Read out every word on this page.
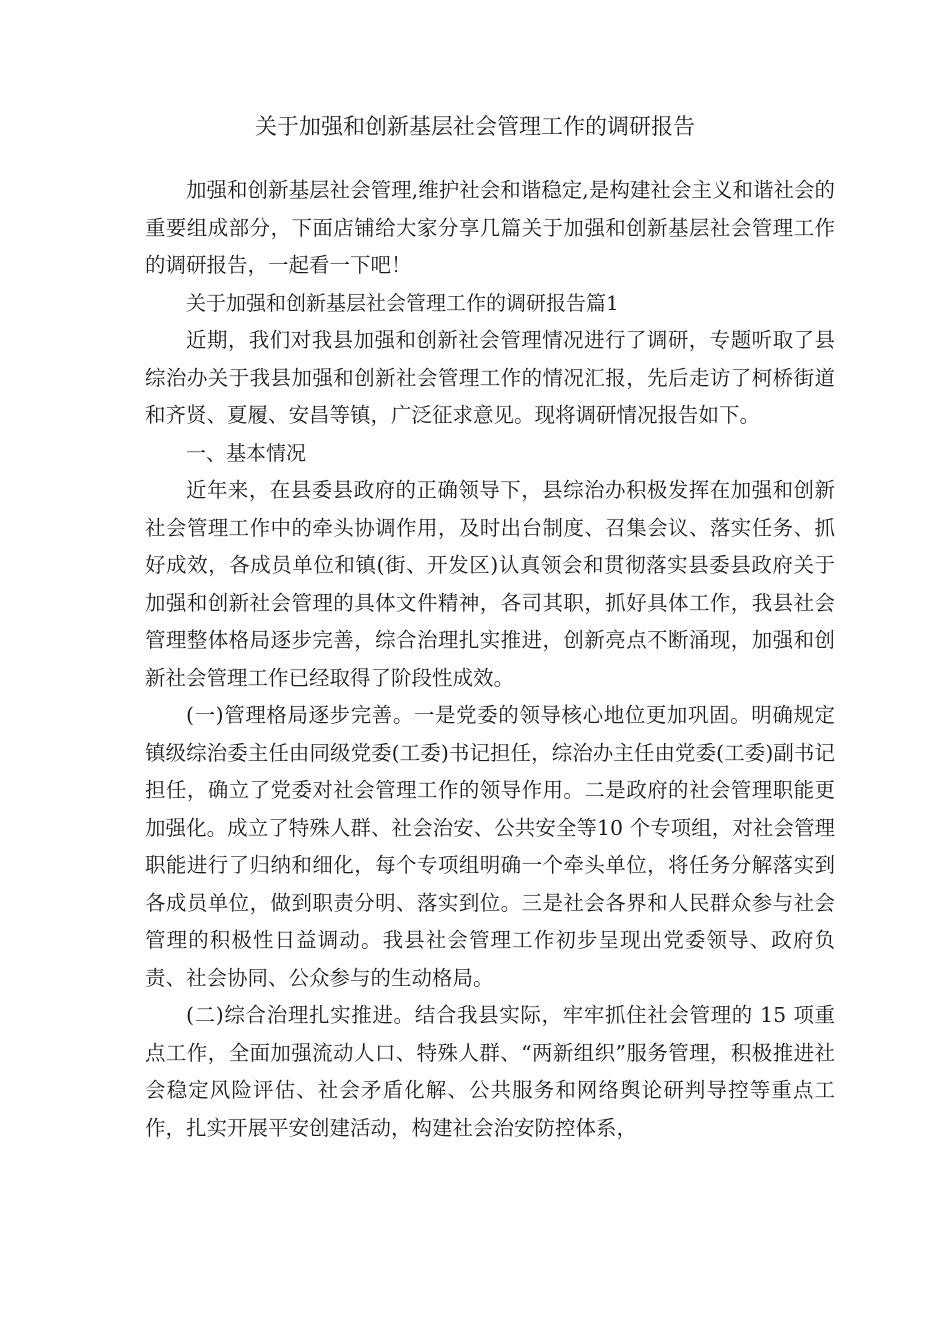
关于加强和创新基层社会管理工作的调研报告

加强和创新基层社会管理,维护社会和谐稳定,是构建社会主义和谐社会的重要组成部分，下面店铺给大家分享几篇关于加强和创新基层社会管理工作的调研报告，一起看一下吧！

关于加强和创新基层社会管理工作的调研报告篇1

近期，我们对我县加强和创新社会管理情况进行了调研，专题听取了县综治办关于我县加强和创新社会管理工作的情况汇报，先后走访了柯桥街道和齐贤、夏履、安昌等镇，广泛征求意见。现将调研情况报告如下。

一、基本情况

近年来，在县委县政府的正确领导下，县综治办积极发挥在加强和创新社会管理工作中的牵头协调作用，及时出台制度、召集会议、落实任务、抓好成效，各成员单位和镇(街、开发区)认真领会和贯彻落实县委县政府关于加强和创新社会管理的具体文件精神，各司其职，抓好具体工作，我县社会管理整体格局逐步完善，综合治理扎实推进，创新亮点不断涌现，加强和创新社会管理工作已经取得了阶段性成效。

(一)管理格局逐步完善。一是党委的领导核心地位更加巩固。明确规定镇级综治委主任由同级党委(工委)书记担任，综治办主任由党委(工委)副书记担任，确立了党委对社会管理工作的领导作用。二是政府的社会管理职能更加强化。成立了特殊人群、社会治安、公共安全等10 个专项组，对社会管理职能进行了归纳和细化，每个专项组明确一个牵头单位，将任务分解落实到各成员单位，做到职责分明、落实到位。三是社会各界和人民群众参与社会管理的积极性日益调动。我县社会管理工作初步呈现出党委领导、政府负责、社会协同、公众参与的生动格局。

(二)综合治理扎实推进。结合我县实际，牢牢抓住社会管理的 15 项重点工作，全面加强流动人口、特殊人群、“两新组织”服务管理，积极推进社会稳定风险评估、社会矛盾化解、公共服务和网络舆论研判导控等重点工作，扎实开展平安创建活动，构建社会治安防控体系，
